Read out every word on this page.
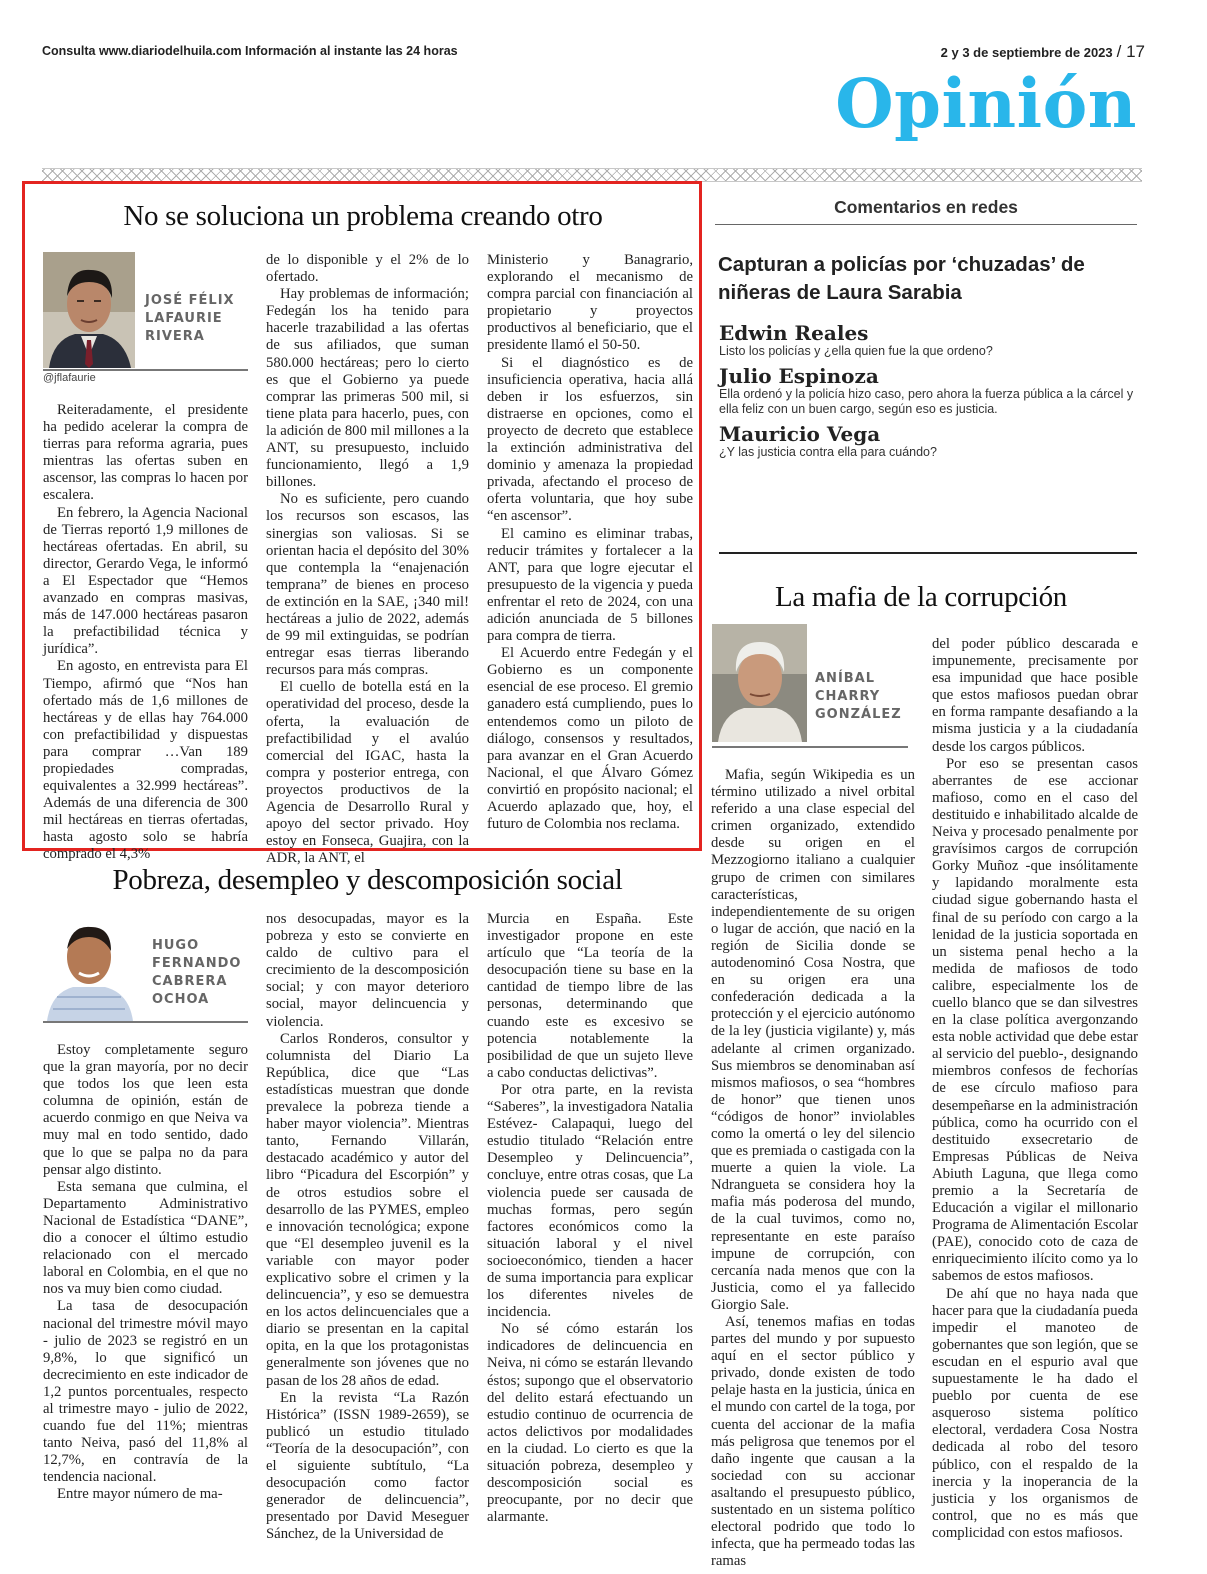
Consulta www.diariodelhuila.com Información al instante las 24 horas	2 y 3 de septiembre de 2023 / 17
Opinión
No se soluciona un problema creando otro
JOSÉ FÉLIX
LAFAURIE
RIVERA
@jflafaurie

Reiteradamente, el presidente ha pedido acelerar la compra de tierras para reforma agraria, pues mientras las ofertas suben en ascensor, las compras lo hacen por escalera.

En febrero, la Agencia Nacional de Tierras reportó 1,9 millones de hectáreas ofertadas. En abril, su director, Gerardo Vega, le informó a El Espectador que “Hemos avanzado en compras masivas, más de 147.000 hectáreas pasaron la prefactibilidad técnica y jurídica”.

En agosto, en entrevista para El Tiempo, afirmó que “Nos han ofertado más de 1,6 millones de hectáreas y de ellas hay 764.000 con prefactibilidad y dispuestas para comprar …Van 189 propiedades compradas, equivalentes a 32.999 hectáreas”. Además de una diferencia de 300 mil hectáreas en tierras ofertadas, hasta agosto solo se habría comprado el 4,3%

de lo disponible y el 2% de lo ofertado.

Hay problemas de información; Fedegán los ha tenido para hacerle trazabilidad a las ofertas de sus afiliados, que suman 580.000 hectáreas; pero lo cierto es que el Gobierno ya puede comprar las primeras 500 mil, si tiene plata para hacerlo, pues, con la adición de 800 mil millones a la ANT, su presupuesto, incluido funcionamiento, llegó a 1,9 billones.

No es suficiente, pero cuando los recursos son escasos, las sinergias son valiosas. Si se orientan hacia el depósito del 30% que contempla la “enajenación temprana” de bienes en proceso de extinción en la SAE, ¡340 mil! hectáreas a julio de 2022, además de 99 mil extinguidas, se podrían entregar esas tierras liberando recursos para más compras.

El cuello de botella está en la operatividad del proceso, desde la oferta, la evaluación de prefactibilidad y el avalúo comercial del IGAC, hasta la compra y posterior entrega, con proyectos productivos de la Agencia de Desarrollo Rural y apoyo del sector privado. Hoy estoy en Fonseca, Guajira, con la ADR, la ANT, el

Ministerio y Banagrario, explorando el mecanismo de compra parcial con financiación al propietario y proyectos productivos al beneficiario, que el presidente llamó el 50-50.

Si el diagnóstico es de insuficiencia operativa, hacia allá deben ir los esfuerzos, sin distraerse en opciones, como el proyecto de decreto que establece la extinción administrativa del dominio y amenaza la propiedad privada, afectando el proceso de oferta voluntaria, que hoy sube “en ascensor”.

El camino es eliminar trabas, reducir trámites y fortalecer a la ANT, para que logre ejecutar el presupuesto de la vigencia y pueda enfrentar el reto de 2024, con una adición anunciada de 5 billones para compra de tierra.

El Acuerdo entre Fedegán y el Gobierno es un componente esencial de ese proceso. El gremio ganadero está cumpliendo, pues lo entendemos como un piloto de diálogo, consensos y resultados, para avanzar en el Gran Acuerdo Nacional, el que Álvaro Gómez convirtió en propósito nacional; el Acuerdo aplazado que, hoy, el futuro de Colombia nos reclama.

Pobreza, desempleo y descomposición social
HUGO
FERNANDO
CABRERA
OCHOA

Estoy completamente seguro que la gran mayoría, por no decir que todos los que leen esta columna de opinión, están de acuerdo conmigo en que Neiva va muy mal en todo sentido, dado que lo que se palpa no da para pensar algo distinto.

Esta semana que culmina, el Departamento Administrativo Nacional de Estadística “DANE”, dio a conocer el último estudio relacionado con el mercado laboral en Colombia, en el que no nos va muy bien como ciudad.

La tasa de desocupación nacional del trimestre móvil mayo - julio de 2023 se registró en un 9,8%, lo que significó un decrecimiento en este indicador de 1,2 puntos porcentuales, respecto al trimestre mayo - julio de 2022, cuando fue del 11%; mientras tanto Neiva, pasó del 11,8% al 12,7%, en contravía de la tendencia nacional.

Entre mayor número de ma-

nos desocupadas, mayor es la pobreza y esto se convierte en caldo de cultivo para el crecimiento de la descomposición social; y con mayor deterioro social, mayor delincuencia y violencia.

Carlos Ronderos, consultor y columnista del Diario La República, dice que “Las estadísticas muestran que donde prevalece la pobreza tiende a haber mayor violencia”. Mientras tanto, Fernando Villarán, destacado académico y autor del libro “Picadura del Escorpión” y de otros estudios sobre el desarrollo de las PYMES, empleo e innovación tecnológica; expone que “El desempleo juvenil es la variable con mayor poder explicativo sobre el crimen y la delincuencia”, y eso se demuestra en los actos delincuenciales que a diario se presentan en la capital opita, en la que los protagonistas generalmente son jóvenes que no pasan de los 28 años de edad.

En la revista “La Razón Histórica” (ISSN 1989-2659), se publicó un estudio titulado “Teoría de la desocupación”, con el siguiente subtítulo, “La desocupación como factor generador de delincuencia”, presentado por David Meseguer Sánchez, de la Universidad de

Murcia en España. Este investigador propone en este artículo que “La teoría de la desocupación tiene su base en la cantidad de tiempo libre de las personas, determinando que cuando este es excesivo se potencia notablemente la posibilidad de que un sujeto lleve a cabo conductas delictivas”.

Por otra parte, en la revista “Saberes”, la investigadora Natalia Estévez- Calapaqui, luego del estudio titulado “Relación entre Desempleo y Delincuencia”, concluye, entre otras cosas, que La violencia puede ser causada de muchas formas, pero según factores económicos como la situación laboral y el nivel socioeconómico, tienden a hacer de suma importancia para explicar los diferentes niveles de incidencia.

No sé cómo estarán los indicadores de delincuencia en Neiva, ni cómo se estarán llevando éstos; supongo que el observatorio del delito estará efectuando un estudio continuo de ocurrencia de actos delictivos por modalidades en la ciudad. Lo cierto es que la situación pobreza, desempleo y descomposición social es preocupante, por no decir que alarmante.

Comentarios en redes
Capturan a policías por ‘chuzadas’ de niñeras de Laura Sarabia
Edwin Reales
Listo los policías y ¿ella quien fue la que ordeno?
Julio Espinoza
Ella ordenó y la policía hizo caso, pero ahora la fuerza pública a la cárcel y ella feliz con un buen cargo, según eso es justicia.
Mauricio Vega
¿Y las justicia contra ella para cuándo?
La mafia de la corrupción
ANÍBAL
CHARRY
GONZÁLEZ

Mafia, según Wikipedia es un término utilizado a nivel orbital referido a una clase especial del crimen organizado, extendido desde su origen en el Mezzogiorno italiano a cualquier grupo de crimen con similares características, independientemente de su origen o lugar de acción, que nació en la región de Sicilia donde se autodenominó Cosa Nostra, que en su origen era una confederación dedicada a la protección y el ejercicio autónomo de la ley (justicia vigilante) y, más adelante al crimen organizado. Sus miembros se denominaban así mismos mafiosos, o sea “hombres de honor” que tienen unos “códigos de honor” inviolables como la omertá o ley del silencio que es premiada o castigada con la muerte a quien la viole. La Ndrangueta se considera hoy la mafia más poderosa del mundo, de la cual tuvimos, como no, representante en este paraíso impune de corrupción, con cercanía nada menos que con la Justicia, como el ya fallecido Giorgio Sale.

Así, tenemos mafias en todas partes del mundo y por supuesto aquí en el sector público y privado, donde existen de todo pelaje hasta en la justicia, única en el mundo con cartel de la toga, por cuenta del accionar de la mafia más peligrosa que tenemos por el daño ingente que causan a la sociedad con su accionar asaltando el presupuesto público, sustentado en un sistema político electoral podrido que todo lo infecta, que ha permeado todas las ramas

del poder público descarada e impunemente, precisamente por esa impunidad que hace posible que estos mafiosos puedan obrar en forma rampante desafiando a la misma justicia y a la ciudadanía desde los cargos públicos.

Por eso se presentan casos aberrantes de ese accionar mafioso, como en el caso del destituido e inhabilitado alcalde de Neiva y procesado penalmente por gravísimos cargos de corrupción Gorky Muñoz -que insólitamente y lapidando moralmente esta ciudad sigue gobernando hasta el final de su período con cargo a la lenidad de la justicia soportada en un sistema penal hecho a la medida de mafiosos de todo calibre, especialmente los de cuello blanco que se dan silvestres en la clase política avergonzando esta noble actividad que debe estar al servicio del pueblo-, designando miembros confesos de fechorías de ese círculo mafioso para desempeñarse en la administración pública, como ha ocurrido con el destituido exsecretario de Empresas Públicas de Neiva Abiuth Laguna, que llega como premio a la Secretaría de Educación a vigilar el millonario Programa de Alimentación Escolar (PAE), conocido coto de caza de enriquecimiento ilícito como ya lo sabemos de estos mafiosos.

De ahí que no haya nada que hacer para que la ciudadanía pueda impedir el manoteo de gobernantes que son legión, que se escudan en el espurio aval que supuestamente le ha dado el pueblo por cuenta de ese asqueroso sistema político electoral, verdadera Cosa Nostra dedicada al robo del tesoro público, con el respaldo de la inercia y la inoperancia de la justicia y los organismos de control, que no es más que complicidad con estos mafiosos.
